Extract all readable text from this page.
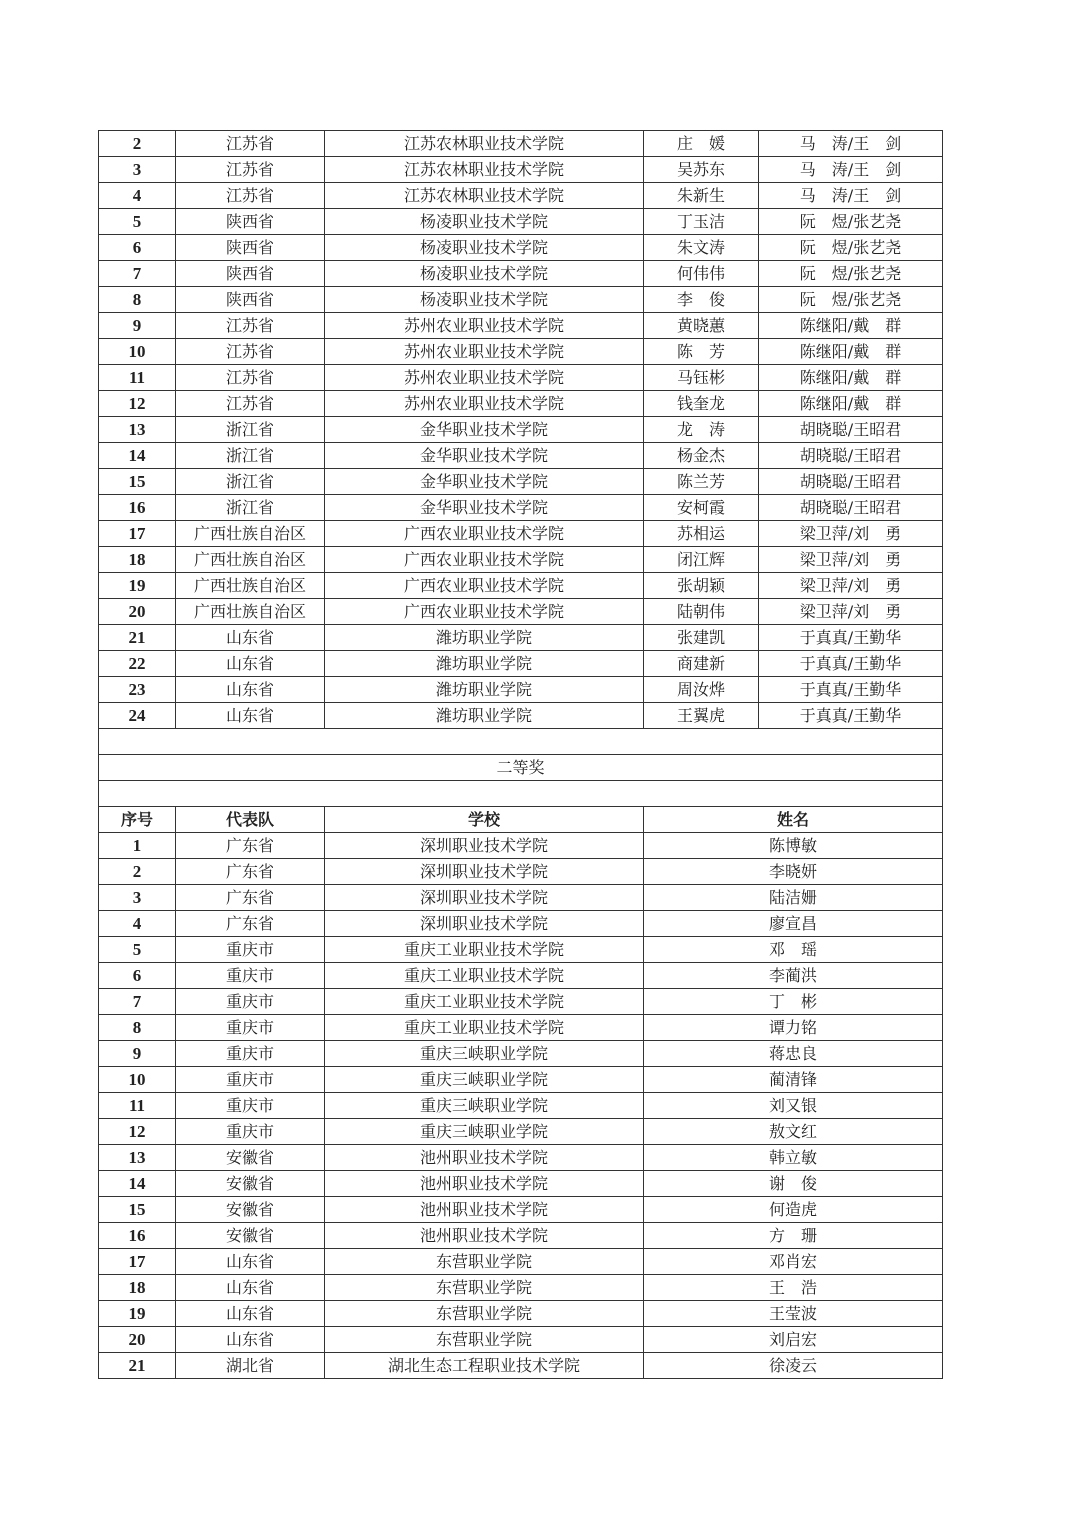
2	江苏省	江苏农林职业技术学院	庄　媛	马　涛/王　剑
3	江苏省	江苏农林职业技术学院	吴苏东	马　涛/王　剑
4	江苏省	江苏农林职业技术学院	朱新生	马　涛/王　剑
5	陕西省	杨凌职业技术学院	丁玉洁	阮　煜/张艺尧
6	陕西省	杨凌职业技术学院	朱文涛	阮　煜/张艺尧
7	陕西省	杨凌职业技术学院	何伟伟	阮　煜/张艺尧
8	陕西省	杨凌职业技术学院	李　俊	阮　煜/张艺尧
9	江苏省	苏州农业职业技术学院	黄晓蕙	陈继阳/戴　群
10	江苏省	苏州农业职业技术学院	陈　芳	陈继阳/戴　群
11	江苏省	苏州农业职业技术学院	马钰彬	陈继阳/戴　群
12	江苏省	苏州农业职业技术学院	钱奎龙	陈继阳/戴　群
13	浙江省	金华职业技术学院	龙　涛	胡晓聪/王昭君
14	浙江省	金华职业技术学院	杨金杰	胡晓聪/王昭君
15	浙江省	金华职业技术学院	陈兰芳	胡晓聪/王昭君
16	浙江省	金华职业技术学院	安柯霞	胡晓聪/王昭君
17	广西壮族自治区	广西农业职业技术学院	苏相运	梁卫萍/刘　勇
18	广西壮族自治区	广西农业职业技术学院	闭江辉	梁卫萍/刘　勇
19	广西壮族自治区	广西农业职业技术学院	张胡颖	梁卫萍/刘　勇
20	广西壮族自治区	广西农业职业技术学院	陆朝伟	梁卫萍/刘　勇
21	山东省	潍坊职业学院	张建凯	于真真/王勤华
22	山东省	潍坊职业学院	商建新	于真真/王勤华
23	山东省	潍坊职业学院	周汝烨	于真真/王勤华
24	山东省	潍坊职业学院	王翼虎	于真真/王勤华

二等奖				

序号	代表队	学校	姓名	
1	广东省	深圳职业技术学院	陈博敏	
2	广东省	深圳职业技术学院	李晓妍	
3	广东省	深圳职业技术学院	陆洁姗	
4	广东省	深圳职业技术学院	廖宣昌	
5	重庆市	重庆工业职业技术学院	邓　瑶	
6	重庆市	重庆工业职业技术学院	李蔺洪	
7	重庆市	重庆工业职业技术学院	丁　彬	
8	重庆市	重庆工业职业技术学院	谭力铭	
9	重庆市	重庆三峡职业学院	蒋忠良	
10	重庆市	重庆三峡职业学院	蔺清锋	
11	重庆市	重庆三峡职业学院	刘又银	
12	重庆市	重庆三峡职业学院	敖文红	
13	安徽省	池州职业技术学院	韩立敏	
14	安徽省	池州职业技术学院	谢　俊	
15	安徽省	池州职业技术学院	何造虎	
16	安徽省	池州职业技术学院	方　珊	
17	山东省	东营职业学院	邓肖宏	
18	山东省	东营职业学院	王　浩	
19	山东省	东营职业学院	王莹波	
20	山东省	东营职业学院	刘启宏	
21	湖北省	湖北生态工程职业技术学院	徐凌云	
